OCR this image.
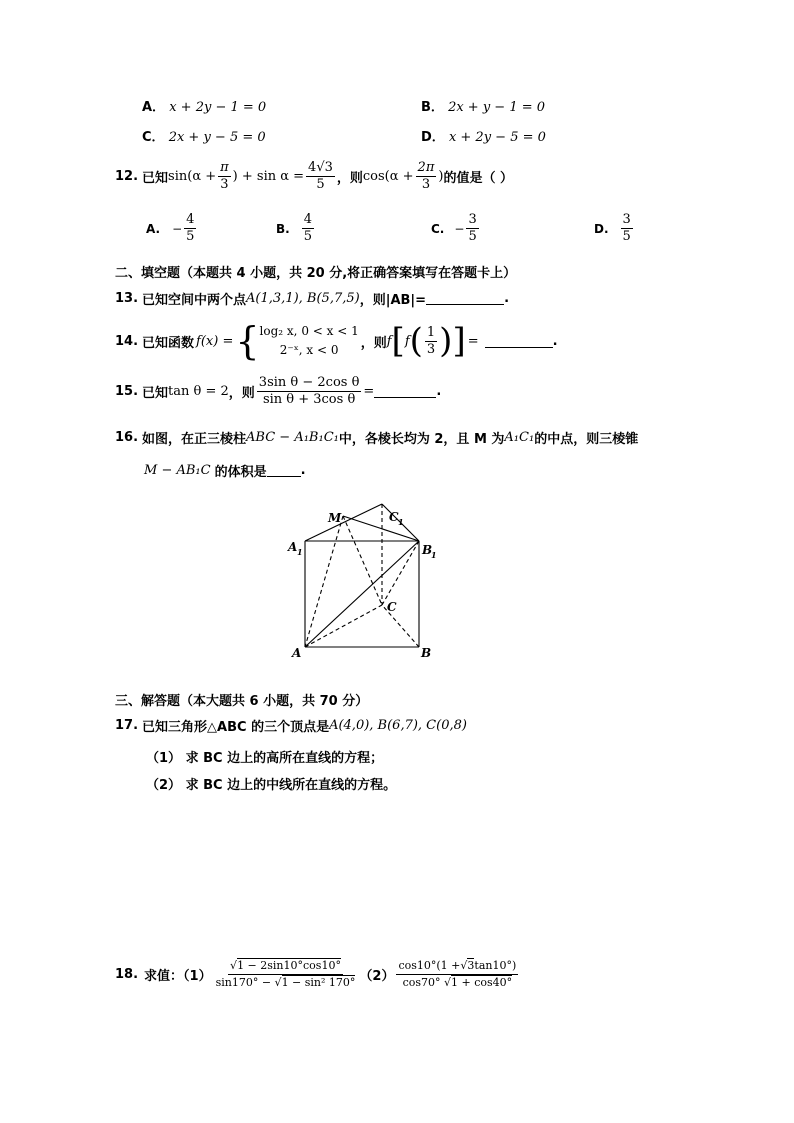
A． x + 2y − 1 = 0	B． 2x + y − 1 = 0
C． 2x + y − 5 = 0	D． x + 2y − 5 = 0
12. 已知 $\sin(\alpha + \frac{\pi}{3}$ ) + $\sin \alpha = \frac{4√3}{5}$ ，则 $\cos(\alpha + \frac{2\pi}{3}$ ) 的值是（ ）
A. − $\frac{4}{5}$	B. $\frac{4}{5}$	C. − $\frac{3}{5}$	D. $\frac{3}{5}$
二、填空题（本题共 4 小题，共 20 分,将正确答案填写在答题卡上）
13. 已知空间中两个点 A(1,3,1), B(5,7,5) ，则|AB|=	.
14. 已知函数 f(x) = { log₂ x, 0 < x < 1
2⁻ˣ, x < 0 ，则 f [ f ( $\frac{1}{3}$ ) ] =	.
15. 已知 tan θ = 2 ，则 $\frac{\text{3sin θ − 2cos θ}}{\text{sin θ + 3cos θ}}$ =	.
16. 如图，在正三棱柱 ABC − A₁B₁C₁ 中，各棱长均为 2，且 M 为 A₁C₁ 的中点，则三棱锥
M − AB₁C 的体积是	.
M	C 1
A 1	B
1
C
A	B
三、解答题（本大题共 6 小题，共 70 分）
17. 已知三角形△ABC 的三个顶点是 A(4,0), B(6,7), C(0,8)
（1） 求 BC 边上的高所在直线的方程；
（2） 求 BC 边上的中线所在直线的方程。
18. 求值：$(1) \frac{√1 - 2\sin 10^\circ\cos 10^\circ}{\text{sin170° − √1 − sin² 170°}} (2) \frac{\cos 10^\circ(1 +√3\tan 10^\circ)}{\cos 70^\circ √1 + \cos 40^\circ}$
